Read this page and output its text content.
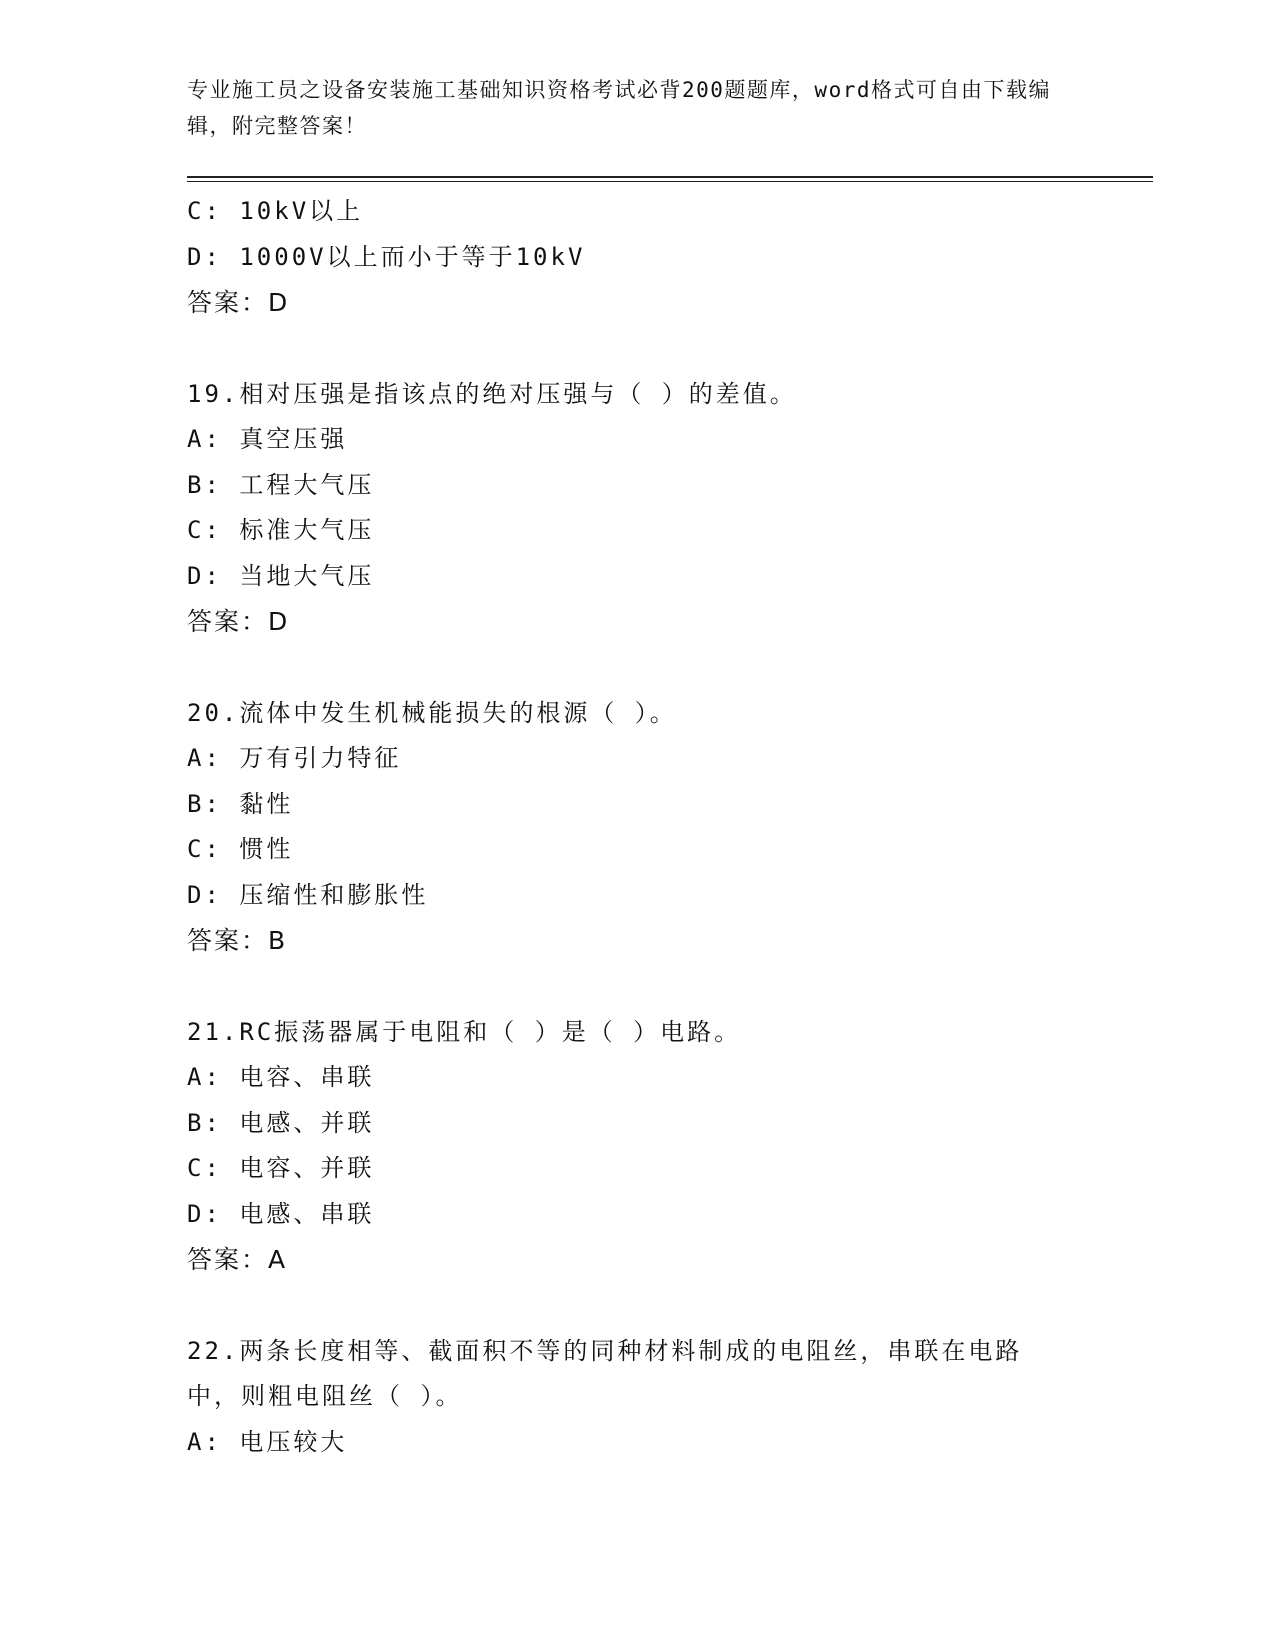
专业施工员之设备安装施工基础知识资格考试必背200题题库，word格式可自由下载编辑，附完整答案！
C: 10kV以上
D: 1000V以上而小于等于10kV
答案：D
19.相对压强是指该点的绝对压强与（ ）的差值。
A: 真空压强
B: 工程大气压
C: 标准大气压
D: 当地大气压
答案：D
20.流体中发生机械能损失的根源（ ）。
A: 万有引力特征
B: 黏性
C: 惯性
D: 压缩性和膨胀性
答案：B
21.RC振荡器属于电阻和（ ）是（ ）电路。
A: 电容、串联
B: 电感、并联
C: 电容、并联
D: 电感、串联
答案：A
22.两条长度相等、截面积不等的同种材料制成的电阻丝，串联在电路
中，则粗电阻丝（ ）。
A: 电压较大
